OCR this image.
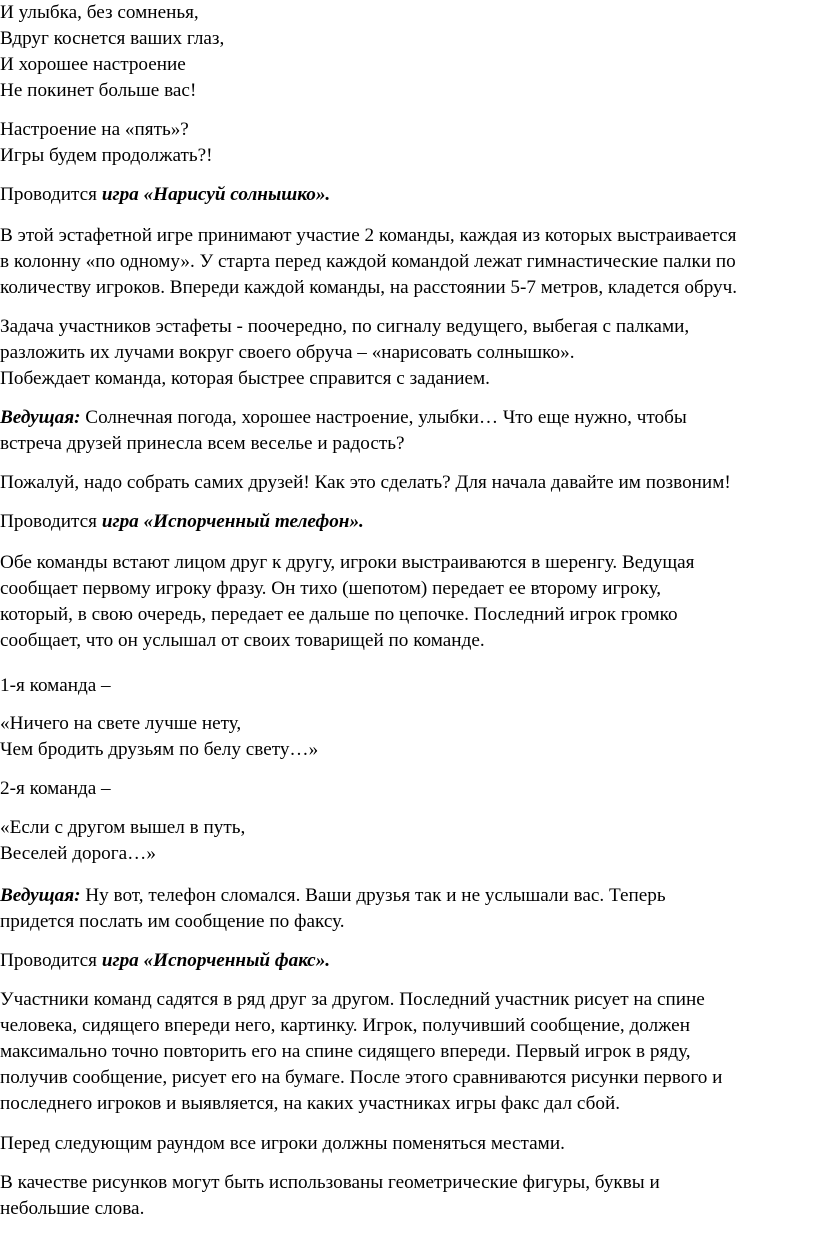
И улыбка, без сомненья,
Вдруг коснется ваших глаз,
И хорошее настроение
Не покинет больше вас!

Настроение на «пять»?
Игры будем продолжать?!

Проводится игра «Нарисуй солнышко».

В этой эстафетной игре принимают участие 2 команды, каждая из которых выстраивается
в колонну «по одному». У старта перед каждой командой лежат гимнастические палки по
количеству игроков. Впереди каждой команды, на расстоянии 5-7 метров, кладется обруч.

Задача участников эстафеты - поочередно, по сигналу ведущего, выбегая с палками,
разложить их лучами вокруг своего обруча – «нарисовать солнышко».
Побеждает команда, которая быстрее справится с заданием.

Ведущая: Солнечная погода, хорошее настроение, улыбки… Что еще нужно, чтобы
встреча друзей принесла всем веселье и радость?

Пожалуй, надо собрать самих друзей! Как это сделать? Для начала давайте им позвоним!

Проводится игра «Испорченный телефон».

Обе команды встают лицом друг к другу, игроки выстраиваются в шеренгу. Ведущая
сообщает первому игроку фразу. Он тихо (шепотом) передает ее второму игроку,
который, в свою очередь, передает ее дальше по цепочке. Последний игрок громко
сообщает, что он услышал от своих товарищей по команде.

1-я команда –

«Ничего на свете лучше нету,
Чем бродить друзьям по белу свету…»

2-я команда –

«Если с другом вышел в путь,
Веселей дорога…»

Ведущая: Ну вот, телефон сломался. Ваши друзья так и не услышали вас. Теперь
придется послать им сообщение по факсу.

Проводится игра «Испорченный факс».

Участники команд садятся в ряд друг за другом. Последний участник рисует на спине
человека, сидящего впереди него, картинку. Игрок, получивший сообщение, должен
максимально точно повторить его на спине сидящего впереди. Первый игрок в ряду,
получив сообщение, рисует его на бумаге. После этого сравниваются рисунки первого и
последнего игроков и выявляется, на каких участниках игры факс дал сбой.

Перед следующим раундом все игроки должны поменяться местами.

В качестве рисунков могут быть использованы геометрические фигуры, буквы и
небольшие слова.
